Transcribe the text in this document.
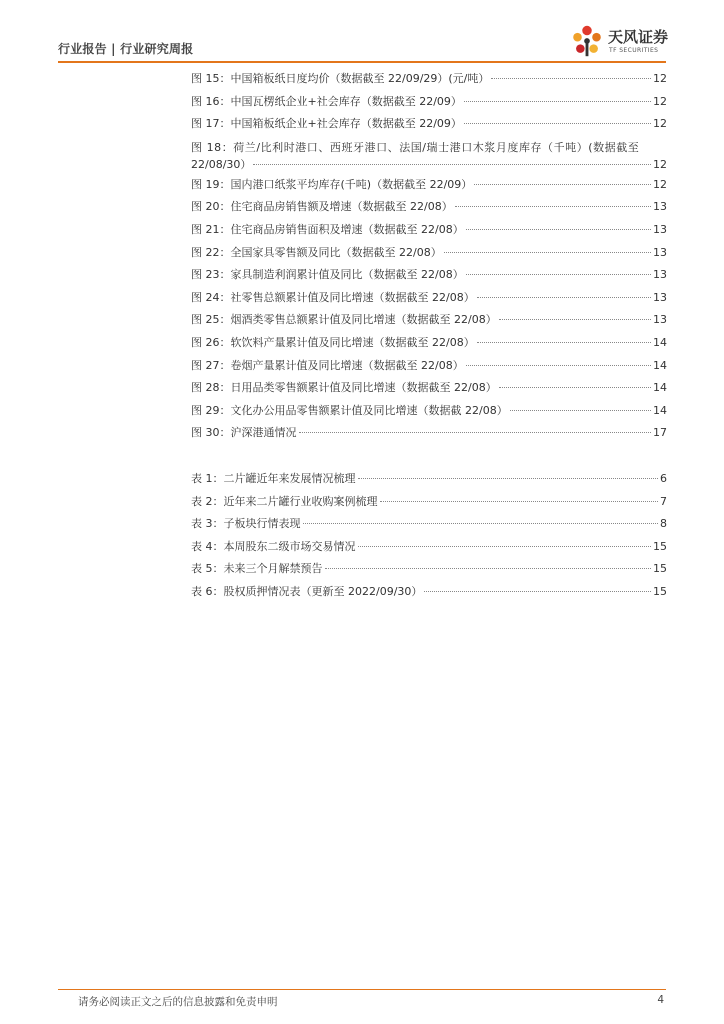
行业报告 | 行业研究周报
天风证券
TF SECURITIES
图 15：中国箱板纸日度均价（数据截至 22/09/29）(元/吨）	12
图 16：中国瓦楞纸企业+社会库存（数据截至 22/09）	12
图 17：中国箱板纸企业+社会库存（数据截至 22/09）	12
图 18：荷兰/比利时港口、西班牙港口、法国/瑞士港口木浆月度库存（千吨）(数据截至
22/08/30）	12
图 19：国内港口纸浆平均库存(千吨)（数据截至 22/09）	12
图 20：住宅商品房销售额及增速（数据截至 22/08）	13
图 21：住宅商品房销售面积及增速（数据截至 22/08）	13
图 22：全国家具零售额及同比（数据截至 22/08）	13
图 23：家具制造利润累计值及同比（数据截至 22/08）	13
图 24：社零售总额累计值及同比增速（数据截至 22/08）	13
图 25：烟酒类零售总额累计值及同比增速（数据截至 22/08）	13
图 26：软饮料产量累计值及同比增速（数据截至 22/08）	14
图 27：卷烟产量累计值及同比增速（数据截至 22/08）	14
图 28：日用品类零售额累计值及同比增速（数据截至 22/08）	14
图 29：文化办公用品零售额累计值及同比增速（数据截 22/08）	14
图 30：沪深港通情况	17
表 1：二片罐近年来发展情况梳理	6
表 2：近年来二片罐行业收购案例梳理	7
表 3：子板块行情表现	8
表 4：本周股东二级市场交易情况	15
表 5：未来三个月解禁预告	15
表 6：股权质押情况表（更新至 2022/09/30）	15
请务必阅读正文之后的信息披露和免责申明	4
